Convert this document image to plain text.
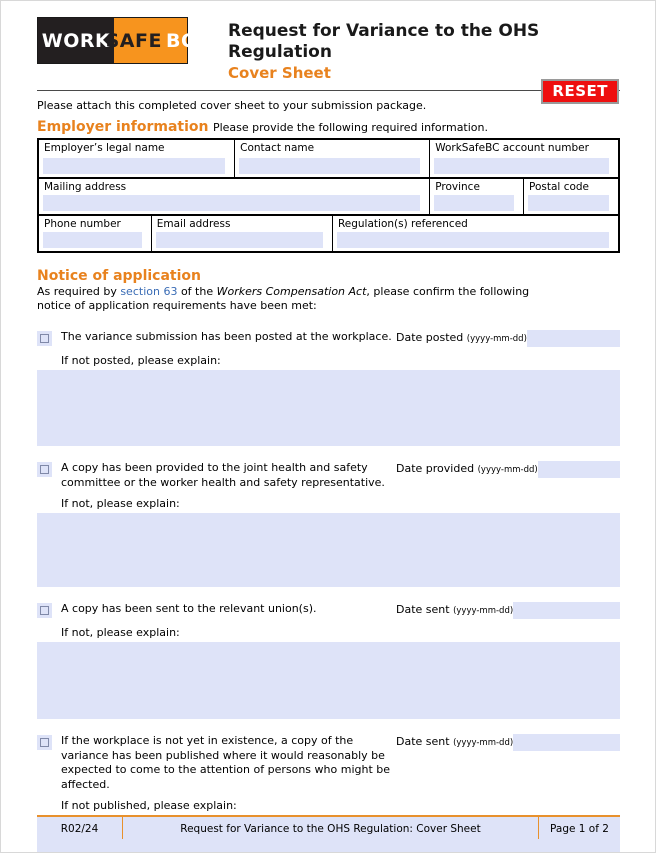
WORK
SAFE BC Request for Variance to the OHS Regulation
Cover Sheet
Please attach this completed cover sheet to your submission package.
RESET
Employer information Please provide the following required information.
Employer’s legal name	Contact name	WorkSafeBC account number
Mailing address	Province	Postal code
Phone number	Email address	Regulation(s) referenced
Notice of application
As required by section 63 of the Workers Compensation Act, please confirm the following notice of application requirements have been met:
The variance submission has been posted at the workplace. Date posted (yyyy-mm-dd)
If not posted, please explain:
A copy has been provided to the joint health and safety committee or the worker health and safety representative.
Date provided (yyyy-mm-dd)
If not, please explain:
A copy has been sent to the relevant union(s).	Date sent (yyyy-mm-dd)
If not, please explain:
If the workplace is not yet in existence, a copy of the variance has been published where it would reasonably be expected to come to the attention of persons who might be affected.
Date sent (yyyy-mm-dd)
If not published, please explain:
R02/24	Request for Variance to the OHS Regulation: Cover Sheet	Page 1 of 2
